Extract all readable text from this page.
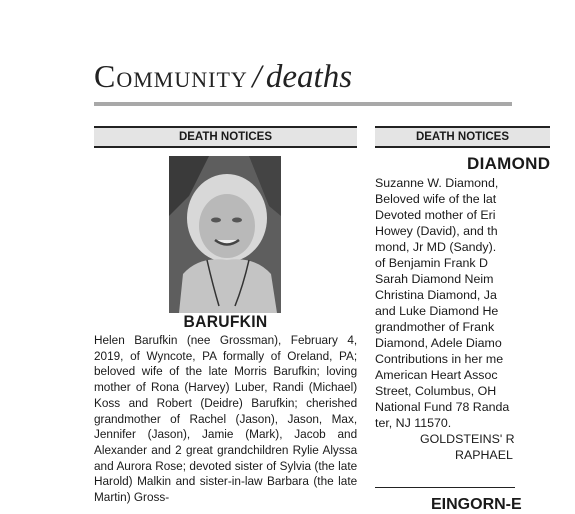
Community / deaths
DEATH NOTICES
BARUFKIN
Helen Barufkin (nee Grossman), February 4, 2019, of Wyncote, PA formally of Oreland, PA; beloved wife of the late Morris Barufkin; loving mother of Rona (Harvey) Luber, Randi (Michael) Koss and Robert (Deidre) Barufkin; cherished grandmother of Rachel (Jason), Jason, Max, Jennifer (Jason), Jamie (Mark), Jacob and Alexander and 2 great grandchildren Rylie Alyssa and Aurora Rose; devoted sister of Sylvia (the late Harold) Malkin and sister-in-law Barbara (the late Martin) Gross-
DEATH NOTICES
DIAMOND
Suzanne W. Diamond,
Beloved wife of the lat
Devoted mother of Eri
Howey (David), and th
mond, Jr MD (Sandy).
of Benjamin Frank D
Sarah Diamond Neim
Christina Diamond, Ja
and Luke Diamond He
grandmother of Frank
Diamond, Adele Diamo
Contributions in her me
American Heart Assoc
Street, Columbus, OH
National Fund 78 Randa
ter, NJ 11570.
GOLDSTEINS' R
RAPHAEL
EINGORN-E
